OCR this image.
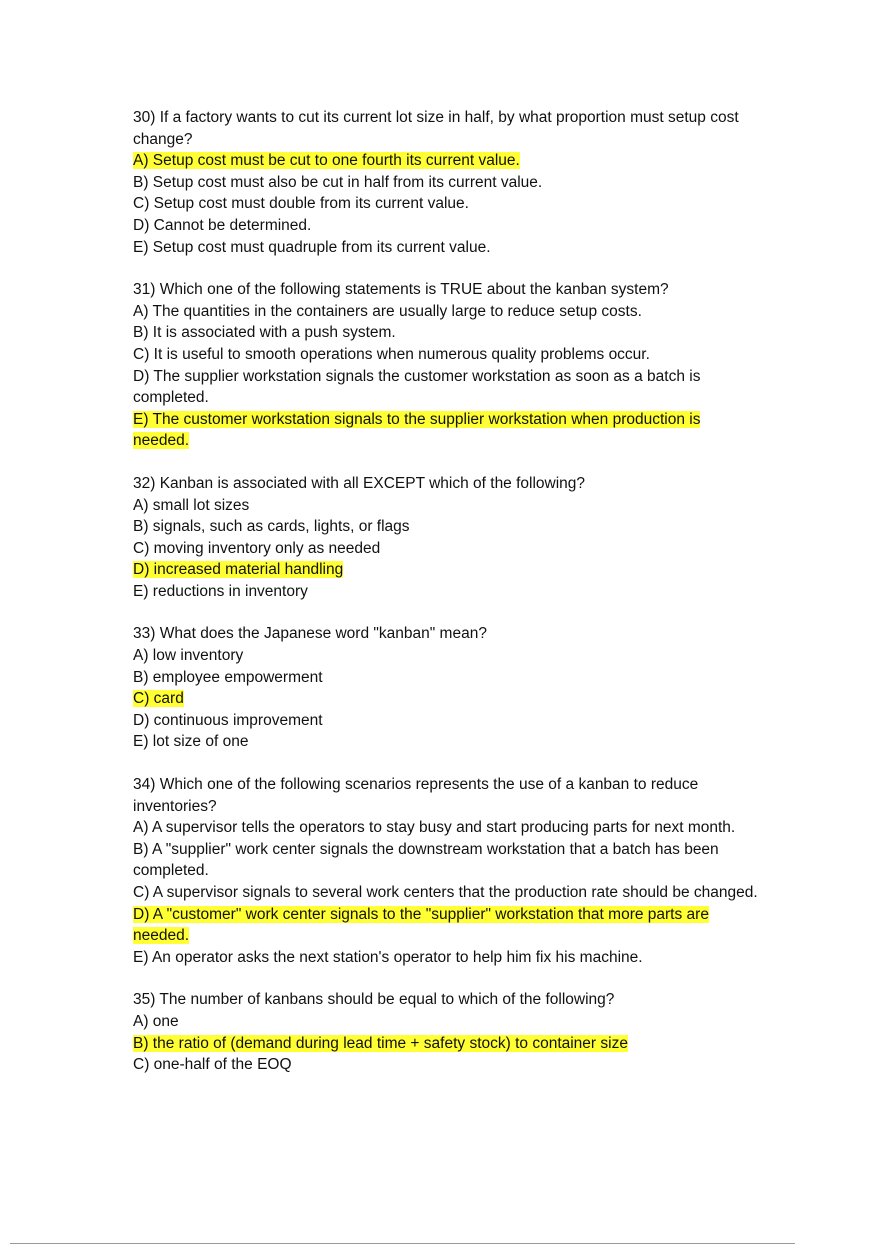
30) If a factory wants to cut its current lot size in half, by what proportion must setup cost change?
A) Setup cost must be cut to one fourth its current value.
B) Setup cost must also be cut in half from its current value.
C) Setup cost must double from its current value.
D) Cannot be determined.
E) Setup cost must quadruple from its current value.
31) Which one of the following statements is TRUE about the kanban system?
A) The quantities in the containers are usually large to reduce setup costs.
B) It is associated with a push system.
C) It is useful to smooth operations when numerous quality problems occur.
D) The supplier workstation signals the customer workstation as soon as a batch is completed.
E) The customer workstation signals to the supplier workstation when production is needed.
32) Kanban is associated with all EXCEPT which of the following?
A) small lot sizes
B) signals, such as cards, lights, or flags
C) moving inventory only as needed
D) increased material handling
E) reductions in inventory
33) What does the Japanese word "kanban" mean?
A) low inventory
B) employee empowerment
C) card
D) continuous improvement
E) lot size of one
34) Which one of the following scenarios represents the use of a kanban to reduce inventories?
A) A supervisor tells the operators to stay busy and start producing parts for next month.
B) A "supplier" work center signals the downstream workstation that a batch has been completed.
C) A supervisor signals to several work centers that the production rate should be changed.
D) A "customer" work center signals to the "supplier" workstation that more parts are needed.
E) An operator asks the next station's operator to help him fix his machine.
35) The number of kanbans should be equal to which of the following?
A) one
B) the ratio of (demand during lead time + safety stock) to container size
C) one-half of the EOQ
